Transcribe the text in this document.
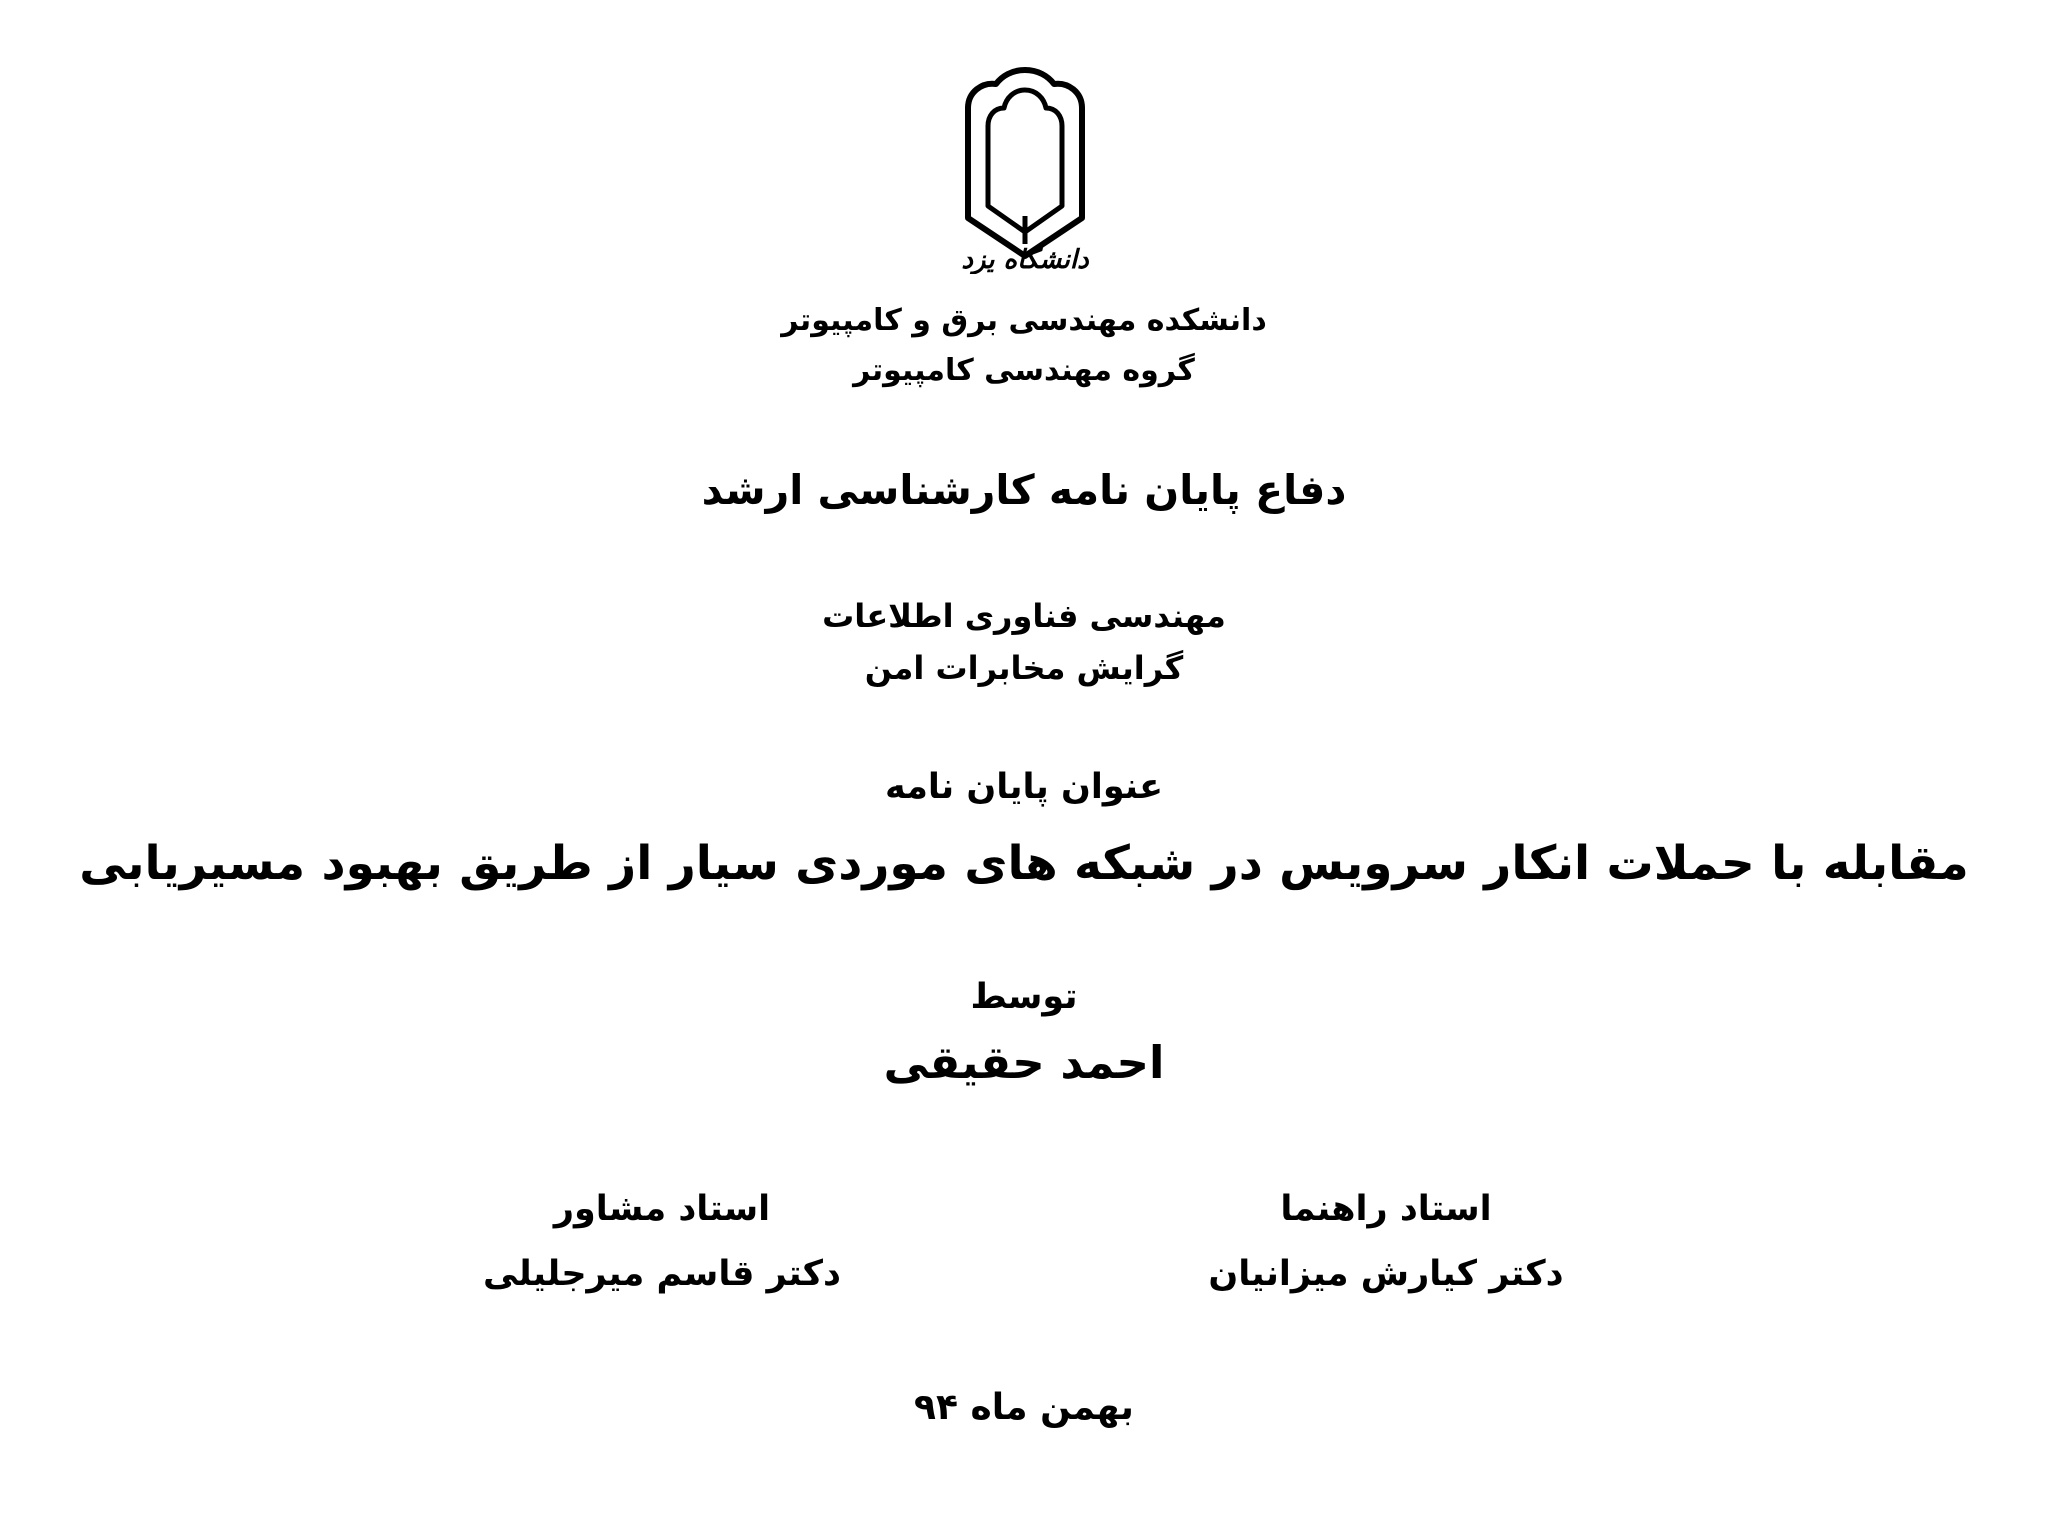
دانشگاه یزد
دانشکده مهندسی برق و کامپیوتر
گروه مهندسی کامپیوتر
دفاع پایان نامه کارشناسی ارشد
مهندسی فناوری اطلاعات
گرایش مخابرات امن
عنوان پایان نامه
مقابله با حملات انکار سرویس در شبکه های موردی سیار از طریق بهبود مسیریابی
توسط
احمد حقیقی
استاد راهنما
دکتر کیارش میزانیان
استاد مشاور
دکتر قاسم میرجلیلی
بهمن ماه ۹۴
